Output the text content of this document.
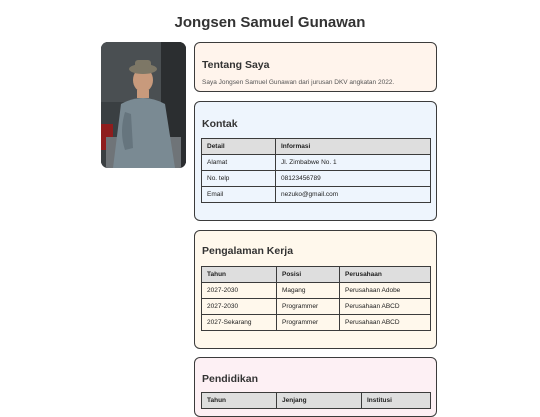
Jongsen Samuel Gunawan
Tentang Saya

Saya Jongsen Samuel Gunawan dari jurusan DKV angkatan 2022.

Kontak
Detail	Informasi
Alamat	Jl. Zimbabwe No. 1
No. telp	08123456789
Email	nezuko@gmail.com
Pengalaman Kerja
Tahun	Posisi	Perusahaan
2027-2030	Magang	Perusahaan Adobe
2027-2030	Programmer	Perusahaan ABCD
2027-Sekarang	Programmer	Perusahaan ABCD
Pendidikan
Tahun	Jenjang	Institusi
